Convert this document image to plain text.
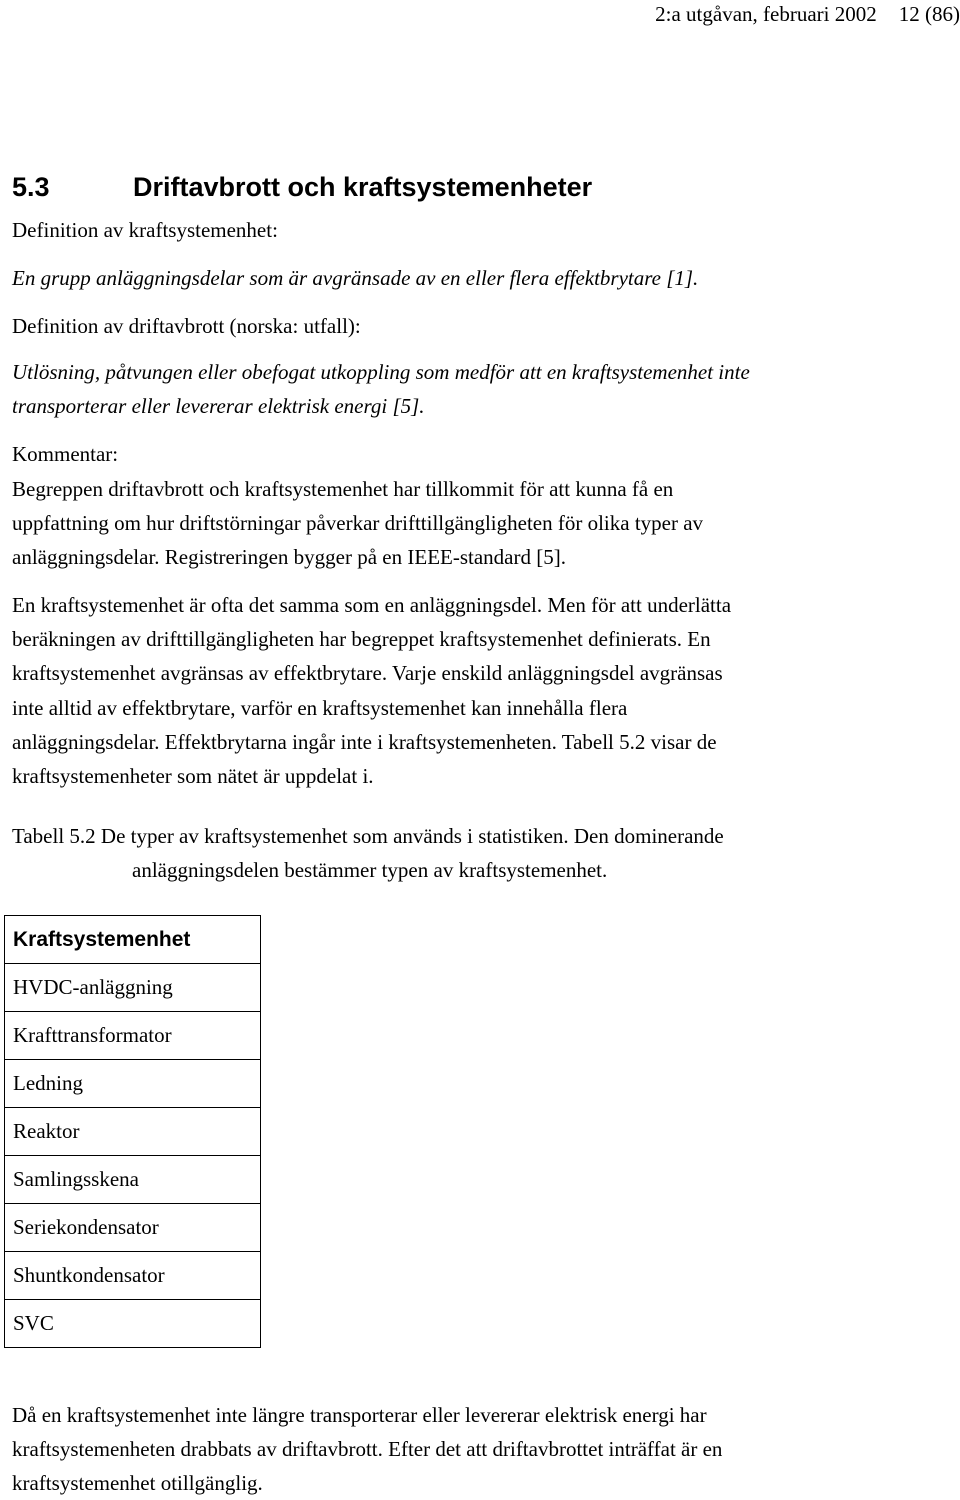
2:a utgåvan, februari 2002 12 (86)
5.3	Driftavbrott och kraftsystemenheter
Definition av kraftsystemenhet:
En grupp anläggningsdelar som är avgränsade av en eller flera effektbrytare [1].
Definition av driftavbrott (norska: utfall):
Utlösning, påtvungen eller obefogat utkoppling som medför att en kraftsystemenhet inte
transporterar eller levererar elektrisk energi [5].
Kommentar:
Begreppen driftavbrott och kraftsystemenhet har tillkommit för att kunna få en
uppfattning om hur driftstörningar påverkar drifttillgängligheten för olika typer av
anläggningsdelar. Registreringen bygger på en IEEE-standard [5].
En kraftsystemenhet är ofta det samma som en anläggningsdel. Men för att underlätta
beräkningen av drifttillgängligheten har begreppet kraftsystemenhet definierats. En
kraftsystemenhet avgränsas av effektbrytare. Varje enskild anläggningsdel avgränsas
inte alltid av effektbrytare, varför en kraftsystemenhet kan innehålla flera
anläggningsdelar. Effektbrytarna ingår inte i kraftsystemenheten. Tabell 5.2 visar de
kraftsystemenheter som nätet är uppdelat i.
Tabell 5.2 De typer av kraftsystemenhet som används i statistiken. Den dominerande
anläggningsdelen bestämmer typen av kraftsystemenhet.
Kraftsystemenhet
HVDC-anläggning
Krafttransformator
Ledning
Reaktor
Samlingsskena
Seriekondensator
Shuntkondensator
SVC
Då en kraftsystemenhet inte längre transporterar eller levererar elektrisk energi har
kraftsystemenheten drabbats av driftavbrott. Efter det att driftavbrottet inträffat är en
kraftsystemenhet otillgänglig.
